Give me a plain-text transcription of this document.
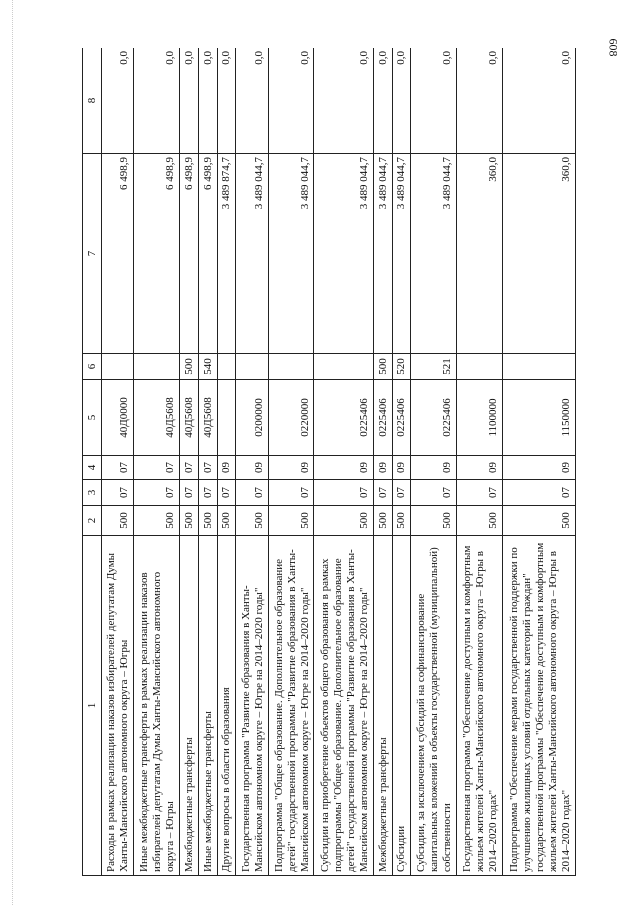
608
1	2	3	4	5	6	7	8
Расходы в рамках реализации наказов избирателей депутатам Думы Ханты-Мансийского автономного округа – Югры	500	07	07	40Д0000		6 498,9	0,0
Иные межбюджетные трансферты в рамках реализации наказов избирателей депутатам Думы Ханты-Мансийского автономного округа – Югры	500	07	07	40Д5608		6 498,9	0,0
Межбюджетные трансферты	500	07	07	40Д5608	500	6 498,9	0,0
Иные межбюджетные трансферты	500	07	07	40Д5608	540	6 498,9	0,0
Другие вопросы в области образования	500	07	09			3 489 874,7	0,0
Государственная программа "Развитие образования в Ханты-Мансийском автономном округе – Югре на 2014–2020 годы"	500	07	09	0200000		3 489 044,7	0,0
Подпрограмма "Общее образование. Дополнительное образование детей" государственной программы "Развитие образования в Ханты-Мансийском автономном округе – Югре на 2014–2020 годы"	500	07	09	0220000		3 489 044,7	0,0
Субсидии на приобретение объектов общего образования в рамках подпрограммы "Общее образование. Дополнительное образование детей" государственной программы "Развитие образования в Ханты-Мансийском автономном округе – Югре на 2014–2020 годы"	500	07	09	0225406		3 489 044,7	0,0
Межбюджетные трансферты	500	07	09	0225406	500	3 489 044,7	0,0
Субсидии	500	07	09	0225406	520	3 489 044,7	0,0
Субсидии, за исключением субсидий на софинансирование капитальных вложений в объекты государственной (муниципальной) собственности	500	07	09	0225406	521	3 489 044,7	0,0
Государственная программа "Обеспечение доступным и комфортным жильем жителей Ханты-Мансийского автономного округа – Югры в 2014–2020 годах"	500	07	09	1100000		360,0	0,0
Подпрограмма "Обеспечение мерами государственной поддержки по улучшению жилищных условий отдельных категорий граждан" государственной программы "Обеспечение доступным и комфортным жильем жителей Ханты-Мансийского автономного округа – Югры в 2014–2020 годах"	500	07	09	1150000		360,0	0,0
